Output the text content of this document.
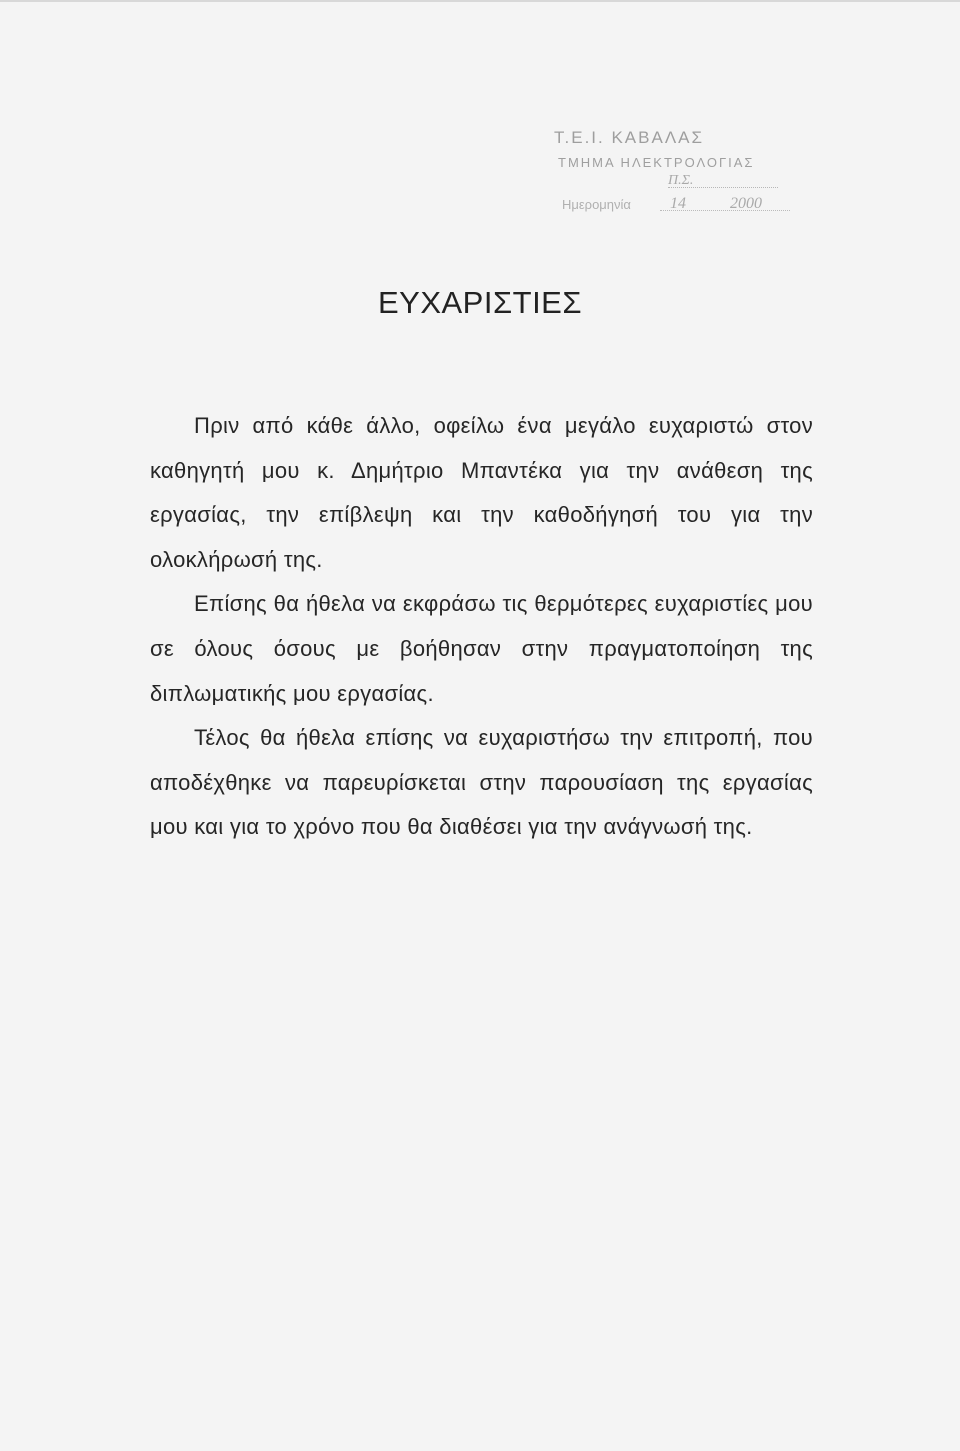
Τ.Ε.Ι. ΚΑΒΑΛΑΣ
ΤΜΗΜΑ ΗΛΕΚΤΡΟΛΟΓΙΑΣ
Π.Σ.
Ημερομηνία 14	2000
ΕΥΧΑΡΙΣΤΙΕΣ

Πριν από κάθε άλλο, οφείλω ένα μεγάλο ευχαριστώ στον καθηγητή μου κ. Δημήτριο Μπαντέκα για την ανάθεση της εργασίας, την επίβλεψη και την καθοδήγησή του για την ολοκλήρωσή της.

Επίσης θα ήθελα να εκφράσω τις θερμότερες ευχαριστίες μου σε όλους όσους με βοήθησαν στην πραγματοποίηση της διπλωματικής μου εργασίας.

Τέλος θα ήθελα επίσης να ευχαριστήσω την επιτροπή, που αποδέχθηκε να παρευρίσκεται στην παρουσίαση της εργασίας μου και για το χρόνο που θα διαθέσει για την ανάγνωσή της.
